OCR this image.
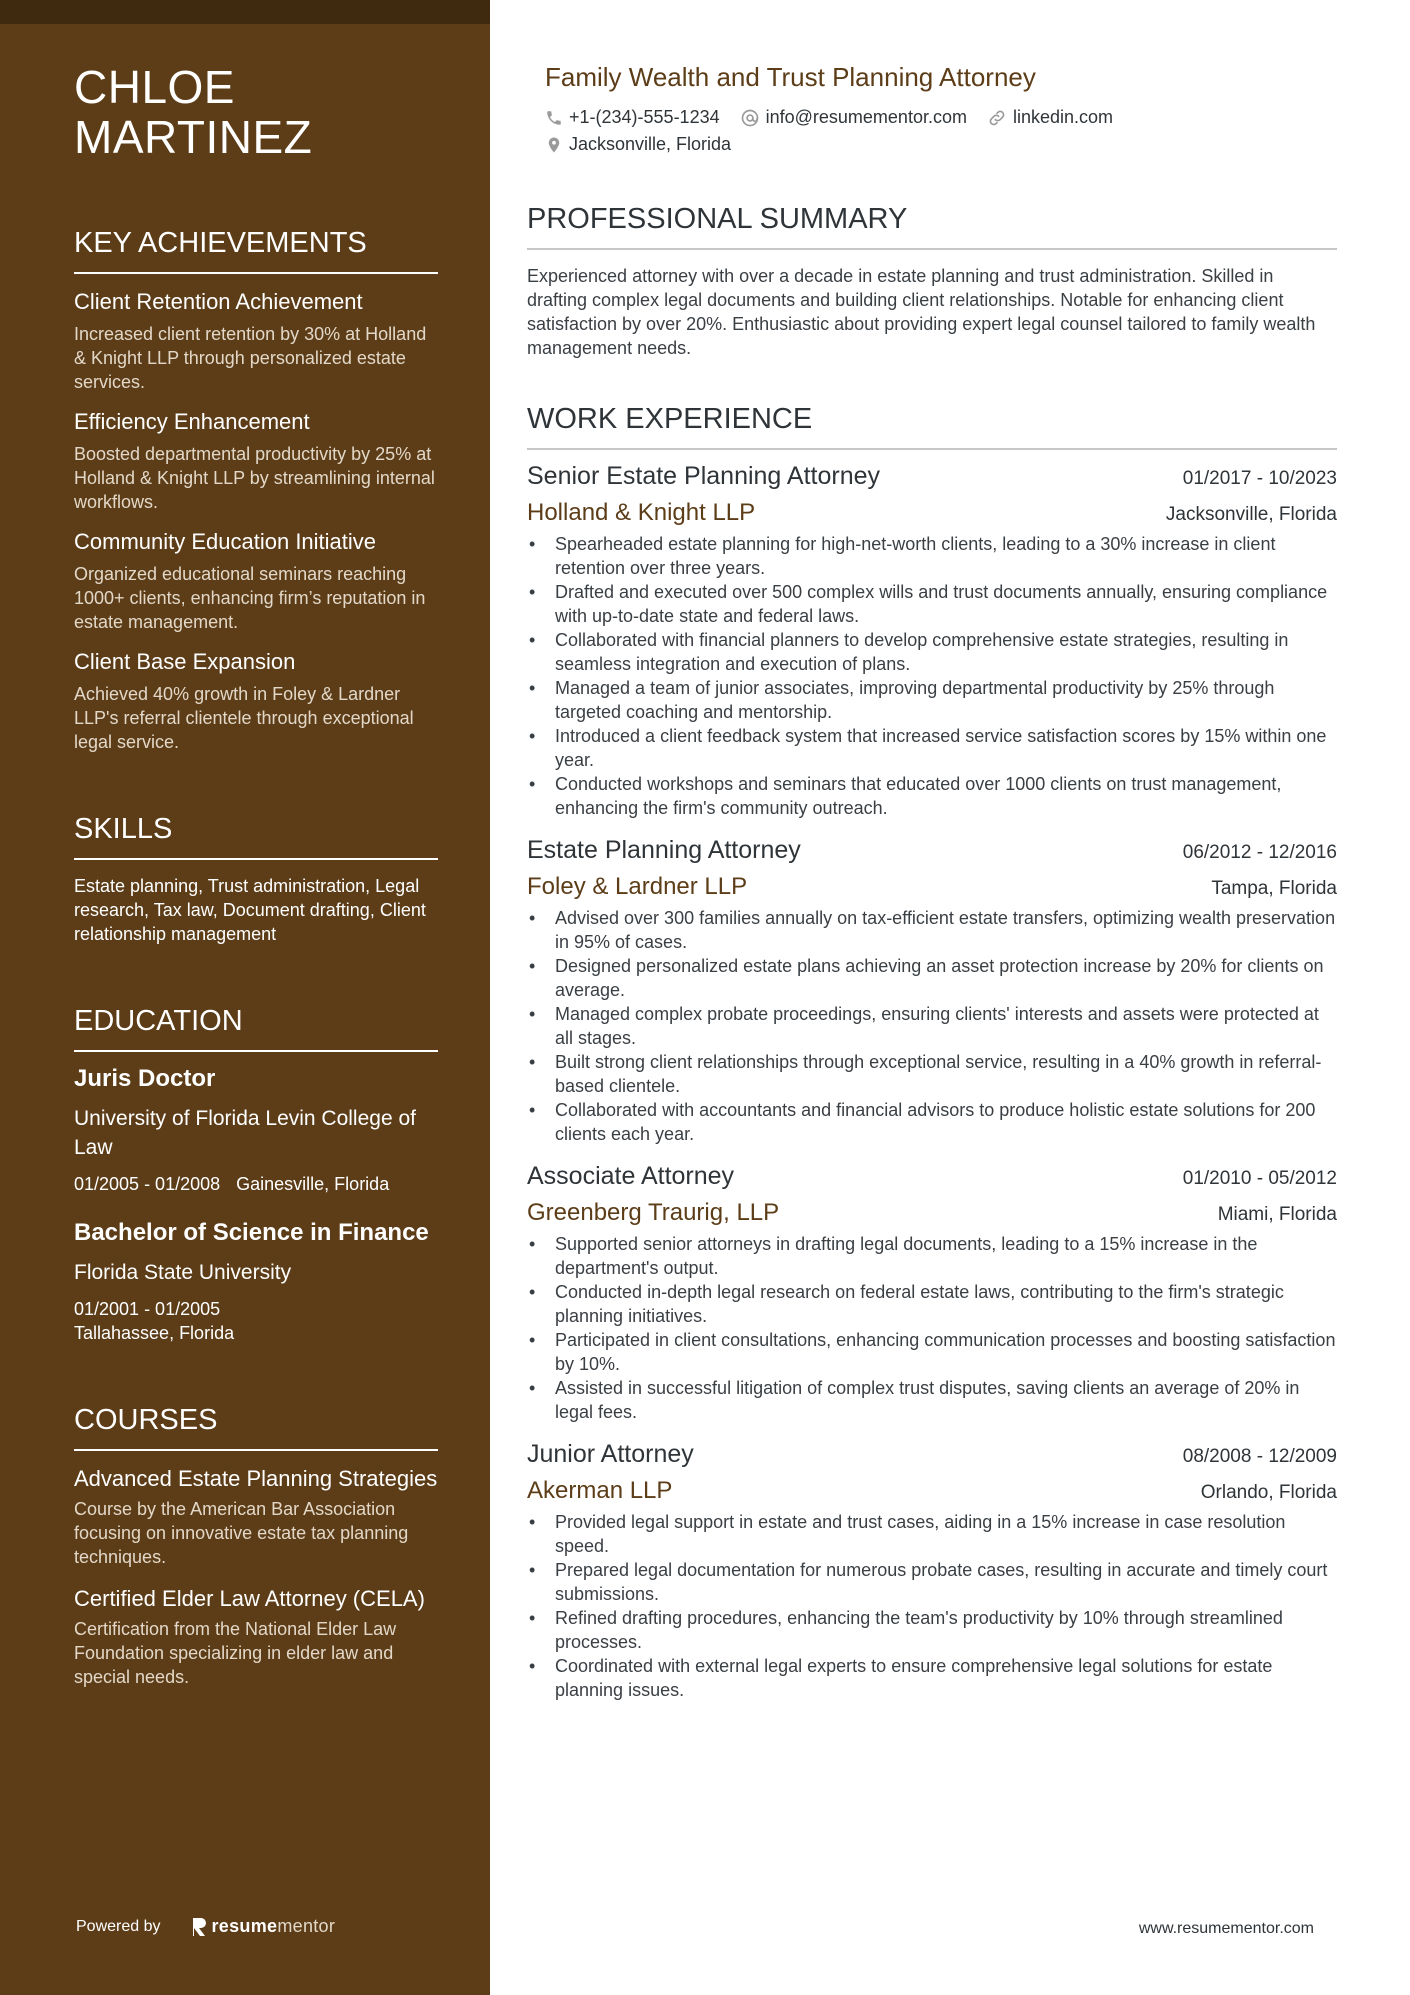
CHLOE
MARTINEZ
KEY ACHIEVEMENTS
Client Retention Achievement
Increased client retention by 30% at Holland & Knight LLP through personalized estate services.
Efficiency Enhancement
Boosted departmental productivity by 25% at Holland & Knight LLP by streamlining internal workflows.
Community Education Initiative
Organized educational seminars reaching 1000+ clients, enhancing firm’s reputation in estate management.
Client Base Expansion
Achieved 40% growth in Foley & Lardner LLP's referral clientele through exceptional legal service.
SKILLS
Estate planning, Trust administration, Legal research, Tax law, Document drafting, Client relationship management
EDUCATION
Juris Doctor
University of Florida Levin College of Law
01/2005 - 01/2008 Gainesville, Florida
Bachelor of Science in Finance
Florida State University
01/2001 - 01/2005
Tallahassee, Florida
COURSES
Advanced Estate Planning Strategies
Course by the American Bar Association focusing on innovative estate tax planning techniques.
Certified Elder Law Attorney (CELA)
Certification from the National Elder Law Foundation specializing in elder law and special needs.
Powered by	resume mentor
Family Wealth and Trust Planning Attorney
+1-(234)-555-1234	info@resumementor.com	linkedin.com
Jacksonville, Florida
PROFESSIONAL SUMMARY
Experienced attorney with over a decade in estate planning and trust administration. Skilled in drafting complex legal documents and building client relationships. Notable for enhancing client satisfaction by over 20%. Enthusiastic about providing expert legal counsel tailored to family wealth management needs.
WORK EXPERIENCE
Senior Estate Planning Attorney	01/2017 - 10/2023
Holland & Knight LLP	Jacksonville, Florida
• Spearheaded estate planning for high-net-worth clients, leading to a 30% increase in client retention over three years.
• Drafted and executed over 500 complex wills and trust documents annually, ensuring compliance with up-to-date state and federal laws.
• Collaborated with financial planners to develop comprehensive estate strategies, resulting in seamless integration and execution of plans.
• Managed a team of junior associates, improving departmental productivity by 25% through targeted coaching and mentorship.
• Introduced a client feedback system that increased service satisfaction scores by 15% within one year.
• Conducted workshops and seminars that educated over 1000 clients on trust management, enhancing the firm's community outreach.
Estate Planning Attorney	06/2012 - 12/2016
Foley & Lardner LLP	Tampa, Florida
• Advised over 300 families annually on tax-efficient estate transfers, optimizing wealth preservation in 95% of cases.
• Designed personalized estate plans achieving an asset protection increase by 20% for clients on average.
• Managed complex probate proceedings, ensuring clients' interests and assets were protected at all stages.
• Built strong client relationships through exceptional service, resulting in a 40% growth in referral-based clientele.
• Collaborated with accountants and financial advisors to produce holistic estate solutions for 200 clients each year.
Associate Attorney	01/2010 - 05/2012
Greenberg Traurig, LLP	Miami, Florida
• Supported senior attorneys in drafting legal documents, leading to a 15% increase in the department's output.
• Conducted in-depth legal research on federal estate laws, contributing to the firm's strategic planning initiatives.
• Participated in client consultations, enhancing communication processes and boosting satisfaction by 10%.
• Assisted in successful litigation of complex trust disputes, saving clients an average of 20% in legal fees.
Junior Attorney	08/2008 - 12/2009
Akerman LLP	Orlando, Florida
• Provided legal support in estate and trust cases, aiding in a 15% increase in case resolution speed.
• Prepared legal documentation for numerous probate cases, resulting in accurate and timely court submissions.
• Refined drafting procedures, enhancing the team's productivity by 10% through streamlined processes.
• Coordinated with external legal experts to ensure comprehensive legal solutions for estate planning issues.
www.resumementor.com
